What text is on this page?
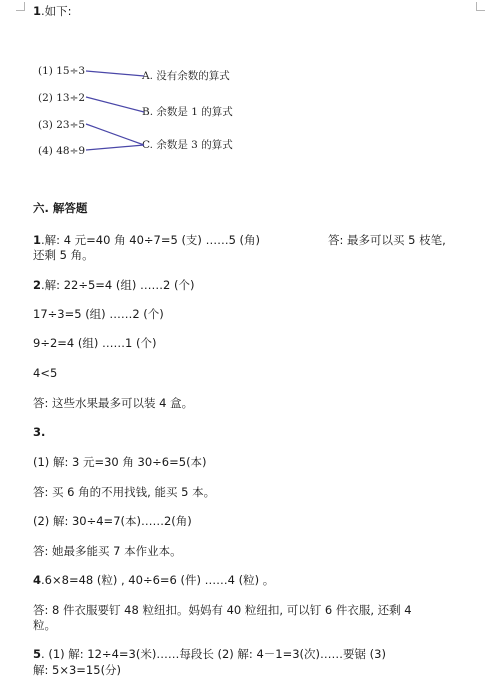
1.如下:
(1) 15÷3
(2) 13÷2
(3) 23÷5
(4) 48÷9
A. 没有余数的算式
B. 余数是 1 的算式
C. 余数是 3 的算式
六. 解答题
1.解: 4 元=40 角 40÷7=5 (支) ……5 (角)	答: 最多可以买 5 枝笔,
还剩 5 角。
2.解: 22÷5=4 (组) ……2 (个)
17÷3=5 (组) ……2 (个)
9÷2=4 (组) ……1 (个)
4<5
答: 这些水果最多可以装 4 盒。
3.
(1) 解: 3 元=30 角 30÷6=5(本)
答: 买 6 角的不用找钱, 能买 5 本。
(2) 解: 30÷4=7(本)……2(角)
答: 她最多能买 7 本作业本。
4.6×8=48 (粒) , 40÷6=6 (件) ……4 (粒) 。
答: 8 件衣服要钉 48 粒纽扣。妈妈有 40 粒纽扣, 可以钉 6 件衣服, 还剩 4
粒。
5. (1) 解: 12÷4=3(米)……每段长 (2) 解: 4－1=3(次)……要锯 (3)
解: 5×3=15(分)
